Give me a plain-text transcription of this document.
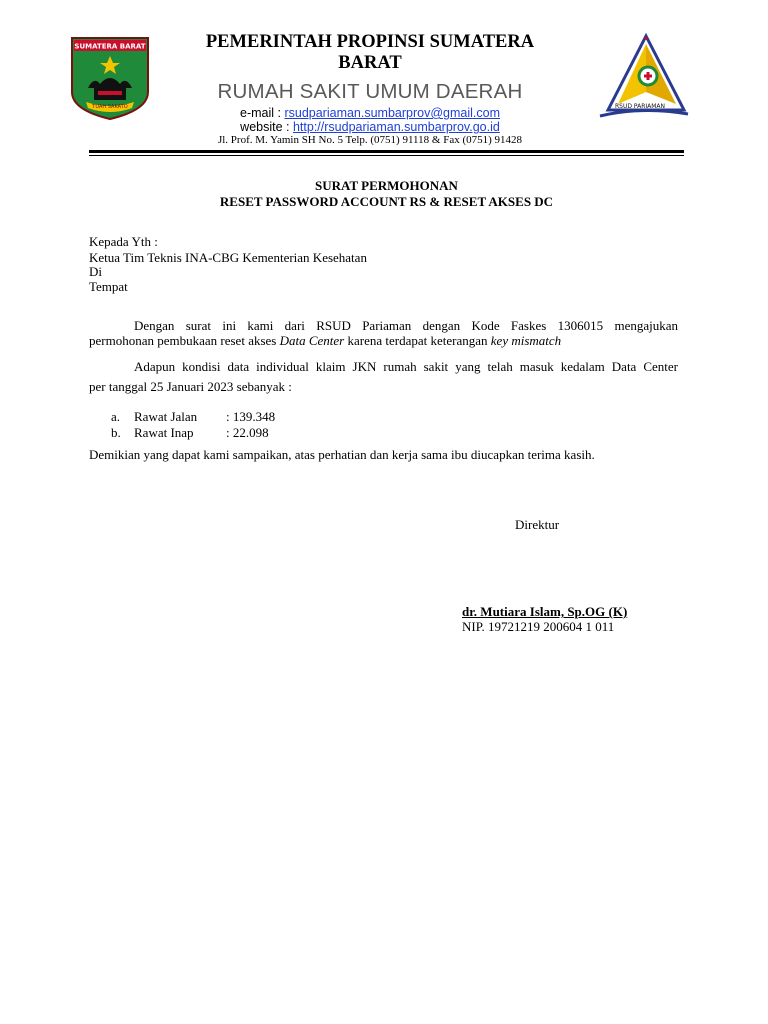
SUMATERA BARAT
TUAH SAKATO
PEMERINTAH PROPINSI SUMATERA
BARAT
RUMAH SAKIT UMUM DAERAH
e-mail : rsudpariaman.sumbarprov@gmail.com
website : http://rsudpariaman.sumbarprov.go.id
Jl. Prof. M. Yamin SH No. 5 Telp. (0751) 91118 & Fax (0751) 91428
RSUD PARIAMAN
SURAT PERMOHONAN
RESET PASSWORD ACCOUNT RS & RESET AKSES DC
Kepada Yth :
Ketua Tim Teknis INA-CBG Kementerian Kesehatan
Di
Tempat
Dengan surat ini kami dari RSUD Pariaman dengan Kode Faskes 1306015 mengajukan
permohonan pembukaan reset akses Data Center karena terdapat keterangan key mismatch
Adapun kondisi data individual klaim JKN rumah sakit yang telah masuk kedalam Data Center
per tanggal 25 Januari 2023 sebanyak :
a. Rawat Jalan : 139.348
b. Rawat Inap : 22.098
Demikian yang dapat kami sampaikan, atas perhatian dan kerja sama ibu diucapkan terima kasih.
Direktur
dr. Mutiara Islam, Sp.OG (K)
NIP. 19721219 200604 1 011
